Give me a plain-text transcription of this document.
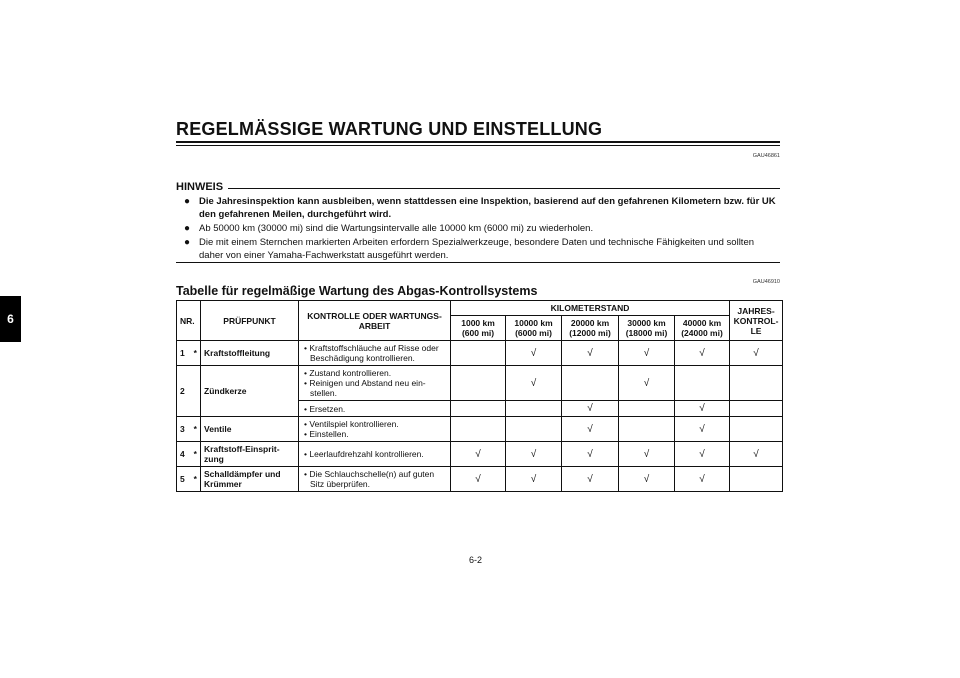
6
REGELMÄSSIGE WARTUNG UND EINSTELLUNG
GAU46861
HINWEIS
● Die Jahresinspektion kann ausbleiben, wenn stattdessen eine Inspektion, basierend auf den gefahrenen Kilometern bzw. für UK den gefahrenen Meilen, durchgeführt wird.
● Ab 50000 km (30000 mi) sind die Wartungsintervalle alle 10000 km (6000 mi) zu wiederholen.
● Die mit einem Sternchen markierten Arbeiten erfordern Spezialwerkzeuge, besondere Daten und technische Fähigkeiten und sollten daher von einer Yamaha-Fachwerkstatt ausgeführt werden.
GAU46910
Tabelle für regelmäßige Wartung des Abgas-Kontrollsystems
NR.		PRÜFPUNKT	KONTROLLE ODER WARTUNGS-ARBEIT	KILOMETERSTAND					JAHRES-KONTROL-LE
				1000 km (600 mi)	10000 km (6000 mi)	20000 km (12000 mi)	30000 km (18000 mi)	40000 km (24000 mi)	
1	*	Kraftstoffleitung	• Kraftstoffschläuche auf Risse oder Beschädigung kontrollieren.		√	√	√	√	√
2		Zündkerze	• Zustand kontrollieren.
• Reinigen und Abstand neu ein-stellen.		√		√		

			• Ersetzen.			√		√	
3	*	Ventile	• Ventilspiel kontrollieren.
• Einstellen.			√		√	
4	*	Kraftstoff-Einsprit-zung	• Leerlaufdrehzahl kontrollieren.	√	√	√	√	√	√
5	*	Schalldämpfer und Krümmer	• Die Schlauchschelle(n) auf guten Sitz überprüfen.	√	√	√	√	√	
6-2
